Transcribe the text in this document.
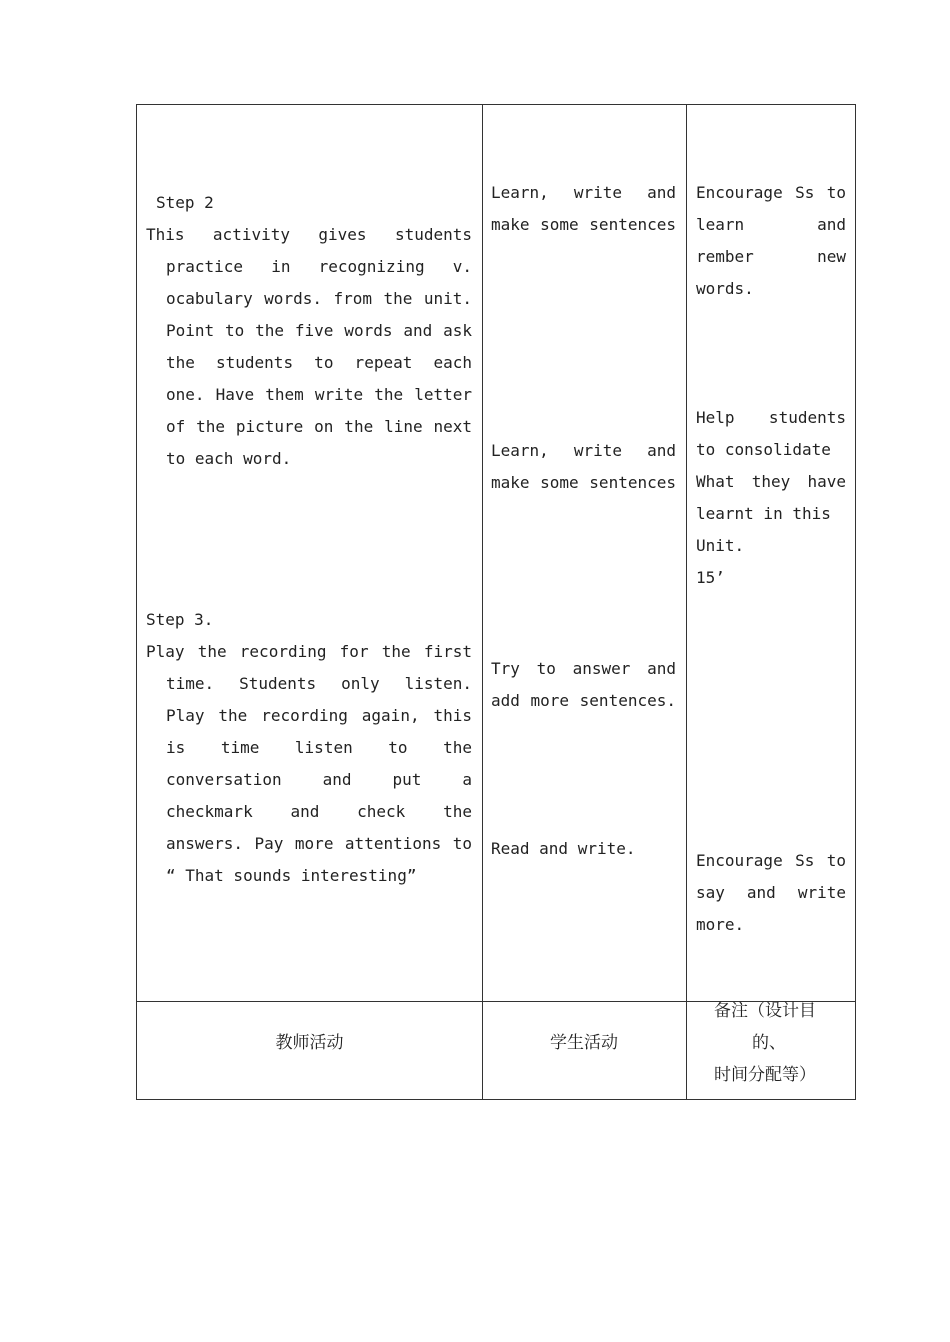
Step 2
This activity gives students
practice in recognizing v.
ocabulary words. from the unit.
Point to the five words and ask
the students to repeat each
one. Have them write the letter
of the picture on the line next
to each word.
Step 3.
Play the recording for the first
time. Students only listen.
Play the recording again, this
is time listen to the
conversation and put a
checkmark and check the
answers. Pay more attentions to
“ That sounds interesting”
Learn, write and
make some sentences
Learn, write and
make some sentences
Try to answer and
add more sentences.
Read and write.
Encourage Ss to
learn and
rember new
words.
Help students
to consolidate
What they have
learnt in this
Unit.
15’
Encourage Ss to
say and write
more.
教师活动	学生活动
备注（设计目
的、
时间分配等）
